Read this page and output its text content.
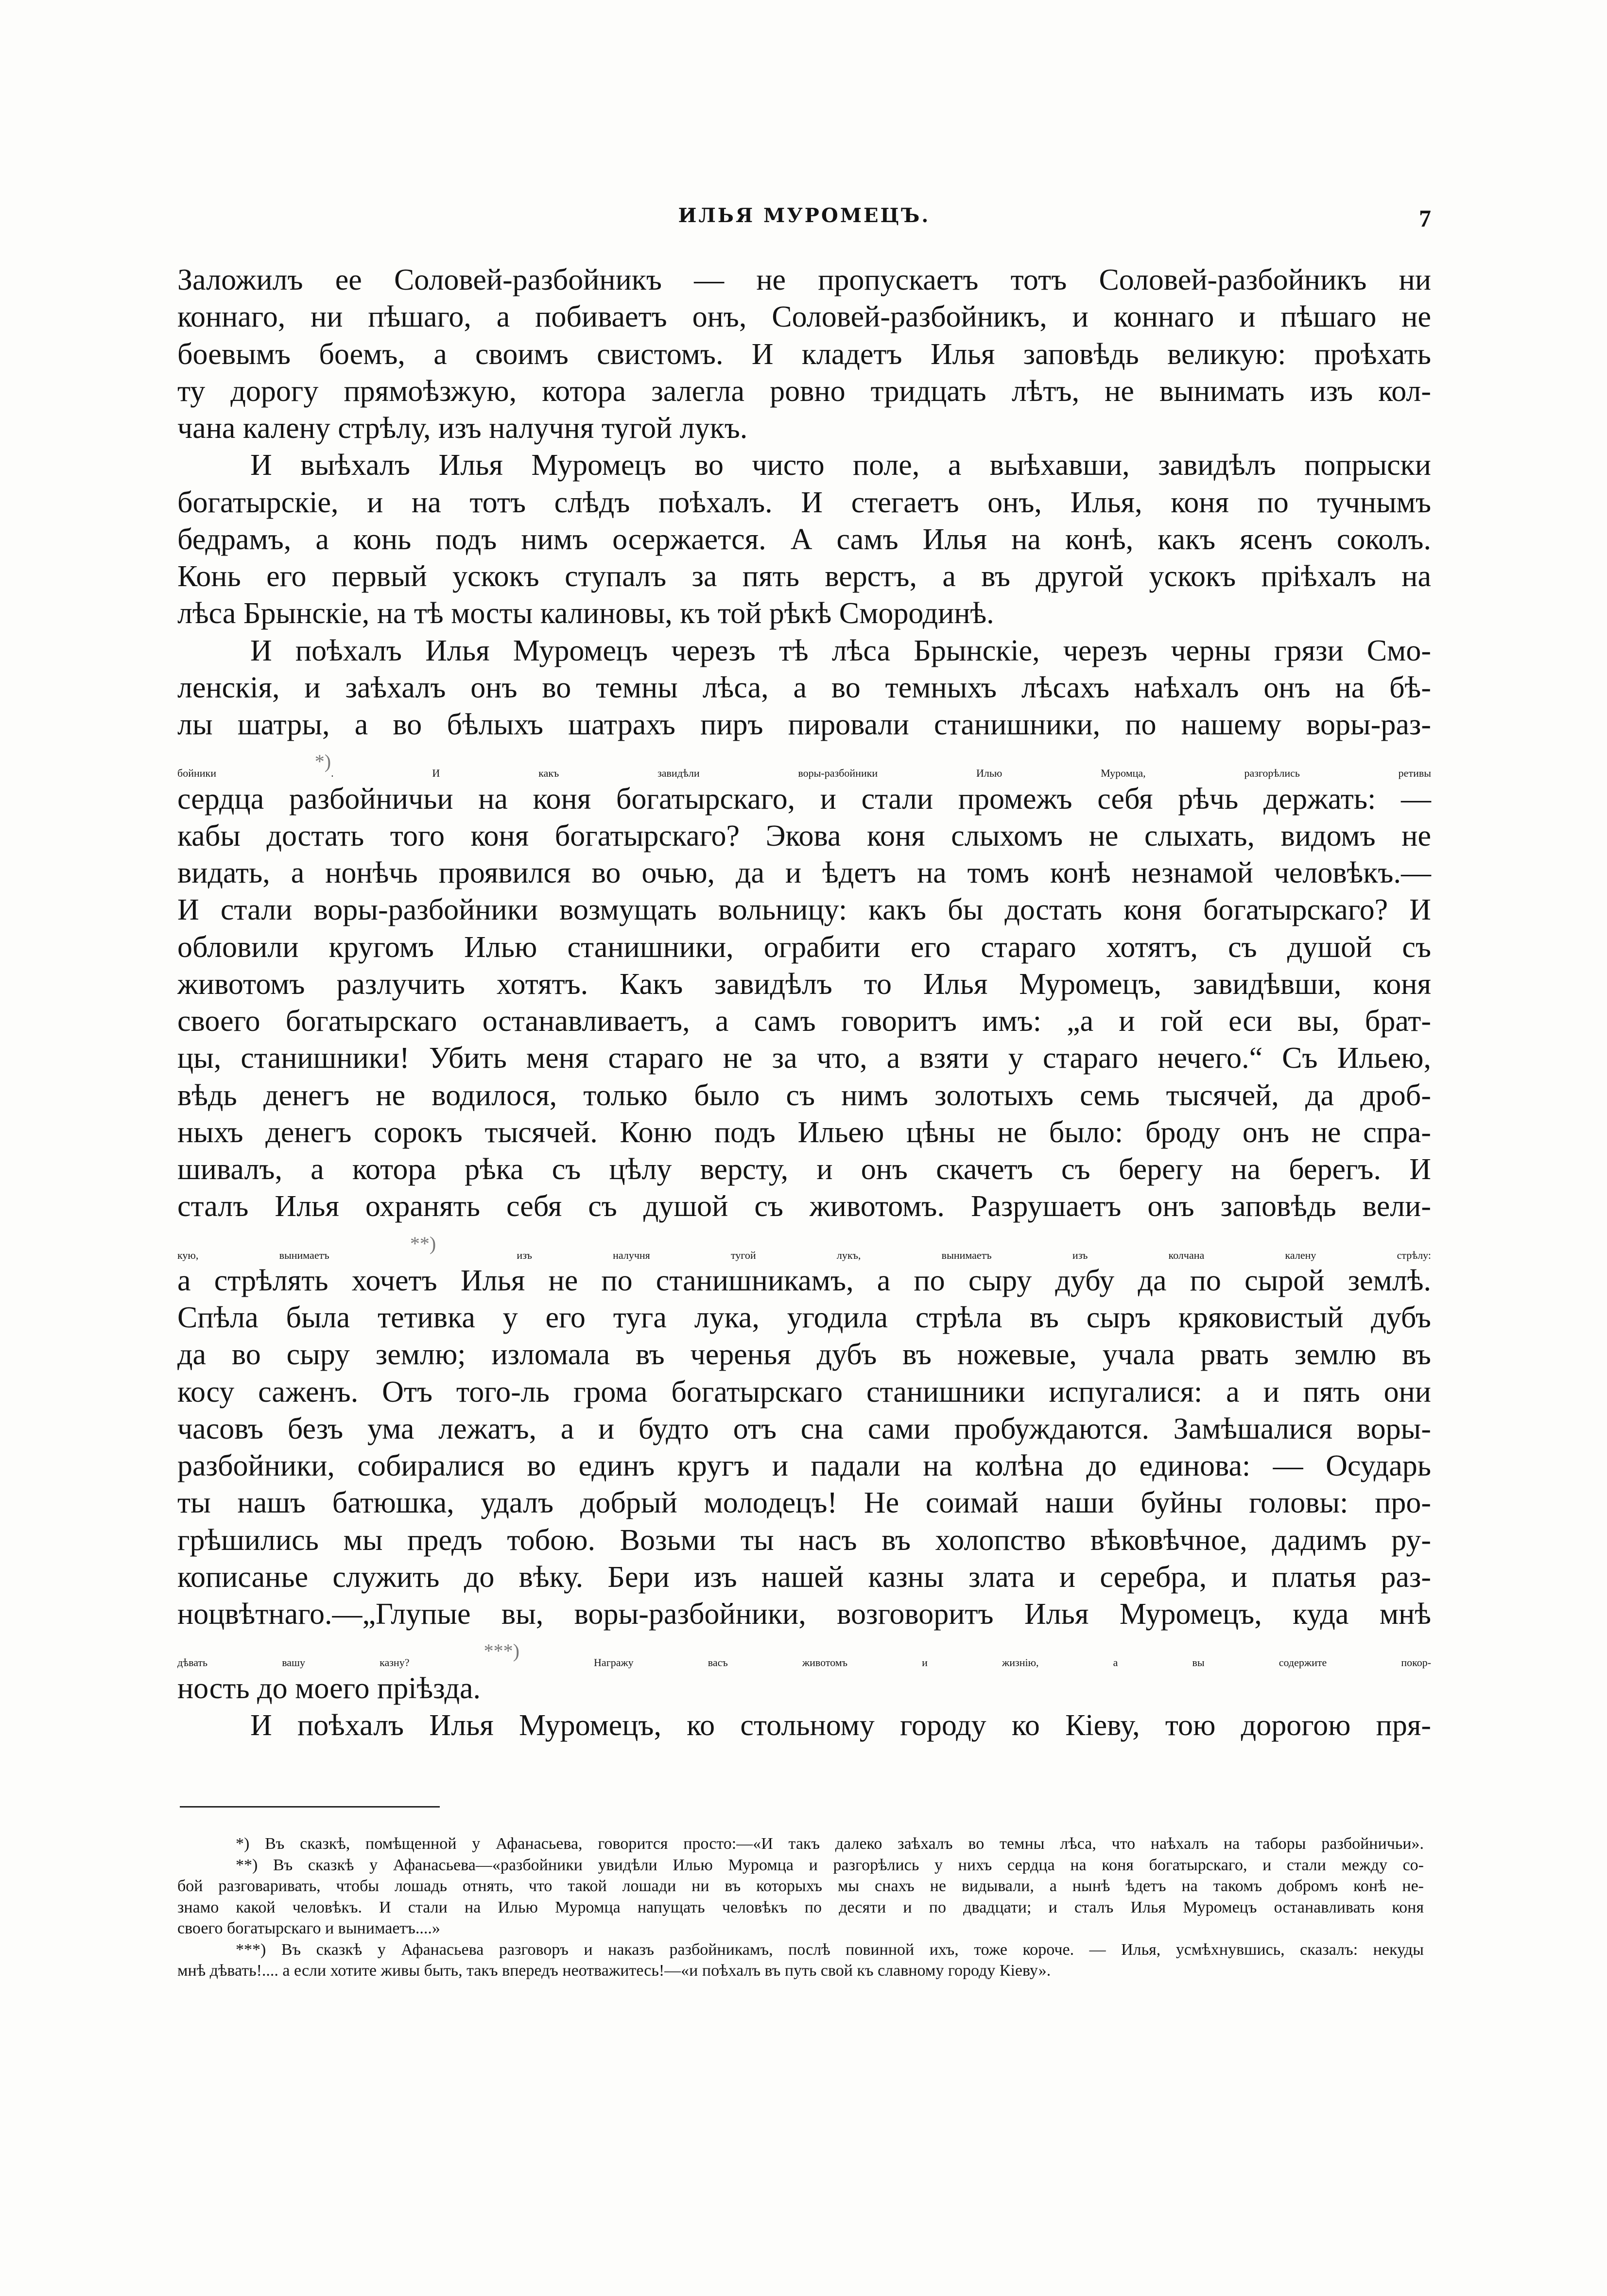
ИЛЬЯ МУРОМЕЦЪ.	7
Заложилъ ее Соловей-разбойникъ — не пропускаетъ тотъ Соловей-разбойникъ ни
коннаго, ни пѣшаго, а побиваетъ онъ, Соловей-разбойникъ, и коннаго и пѣшаго не
боевымъ боемъ, а своимъ свистомъ. И кладетъ Илья заповѣдь великую: проѣхать
ту дорогу прямоѣзжую, котора залегла ровно тридцать лѣтъ, не вынимать изъ кол-
чана калену стрѣлу, изъ налучня тугой лукъ.
И выѣхалъ Илья Муромецъ во чисто поле, а выѣхавши, завидѣлъ попрыски
богатырскіе, и на тотъ слѣдъ поѣхалъ. И стегаетъ онъ, Илья, коня по тучнымъ
бедрамъ, а конь подъ нимъ осержается. А самъ Илья на конѣ, какъ ясенъ соколъ.
Конь его первый ускокъ ступалъ за пять верстъ, а въ другой ускокъ пріѣхалъ на
лѣса Брынскіе, на тѣ мосты калиновы, къ той рѣкѣ Смородинѣ.
И поѣхалъ Илья Муромецъ черезъ тѣ лѣса Брынскіе, черезъ черны грязи Смо-
ленскія, и заѣхалъ онъ во темны лѣса, а во темныхъ лѣсахъ наѣхалъ онъ на бѣ-
лы шатры, а во бѣлыхъ шатрахъ пиръ пировали станишники, по нашему воры-раз-
бойники *). И какъ завидѣли воры-разбойники Илью Муромца, разгорѣлись ретивы
сердца разбойничьи на коня богатырскаго, и стали промежъ себя рѣчь держать: —
кабы достать того коня богатырскаго? Экова коня слыхомъ не слыхать, видомъ не
видать, а нонѣчь проявился во очью, да и ѣдетъ на томъ конѣ незнамой человѣкъ.—
И стали воры-разбойники возмущать вольницу: какъ бы достать коня богатырскаго? И
обловили кругомъ Илью станишники, ограбити его стараго хотятъ, съ душой съ
животомъ разлучить хотятъ. Какъ завидѣлъ то Илья Муромецъ, завидѣвши, коня
своего богатырскаго останавливаетъ, а самъ говоритъ имъ: „а и гой еси вы, брат-
цы, станишники! Убить меня стараго не за что, а взяти у стараго нечего.“ Съ Ильею,
вѣдь денегъ не водилося, только было съ нимъ золотыхъ семь тысячей, да дроб-
ныхъ денегъ сорокъ тысячей. Коню подъ Ильею цѣны не было: броду онъ не спра-
шивалъ, а котора рѣка съ цѣлу версту, и онъ скачетъ съ берегу на берегъ. И
сталъ Илья охранять себя съ душой съ животомъ. Разрушаетъ онъ заповѣдь вели-
кую, вынимаетъ **) изъ налучня тугой лукъ, вынимаетъ изъ колчана калену стрѣлу:
а стрѣлять хочетъ Илья не по станишникамъ, а по сыру дубу да по сырой землѣ.
Спѣла была тетивка у его туга лука, угодила стрѣла въ сыръ кряковистый дубъ
да во сыру землю; изломала въ черенья дубъ въ ножевые, учала рвать землю въ
косу саженъ. Отъ того-ль грома богатырскаго станишники испугалися: а и пять они
часовъ безъ ума лежатъ, а и будто отъ сна сами пробуждаются. Замѣшалися воры-
разбойники, собиралися во единъ кругъ и падали на колѣна до единова: — Осударь
ты нашъ батюшка, удалъ добрый молодецъ! Не соимай наши буйны головы: про-
грѣшились мы предъ тобою. Возьми ты насъ въ холопство вѣковѣчное, дадимъ ру-
кописанье служить до вѣку. Бери изъ нашей казны злата и серебра, и платья раз-
ноцвѣтнаго.—„Глупые вы, воры-разбойники, возговоритъ Илья Муромецъ, куда мнѣ
дѣвать вашу казну? ***) Награжу васъ животомъ и жизнію, а вы содержите покор-
ность до моего пріѣзда.
И поѣхалъ Илья Муромецъ, ко стольному городу ко Кіеву, тою дорогою пря-
*) Въ сказкѣ, помѣщенной у Афанасьева, говорится просто:—«И такъ далеко заѣхалъ во темны лѣса, что наѣхалъ на таборы разбойничьи».
**) Въ сказкѣ у Афанасьева—«разбойники увидѣли Илью Муромца и разгорѣлись у нихъ сердца на коня богатырскаго, и стали между со-
бой разговаривать, чтобы лошадь отнять, что такой лошади ни въ которыхъ мы снахъ не видывали, а нынѣ ѣдетъ на такомъ добромъ конѣ не-
знамо какой человѣкъ. И стали на Илью Муромца напущать человѣкъ по десяти и по двадцати; и сталъ Илья Муромецъ останавливать коня
своего богатырскаго и вынимаетъ....»
***) Въ сказкѣ у Афанасьева разговоръ и наказъ разбойникамъ, послѣ повинной ихъ, тоже короче. — Илья, усмѣхнувшись, сказалъ: некуды
мнѣ дѣвать!.... а если хотите живы быть, такъ впередъ неотважитесь!—«и поѣхалъ въ путь свой къ славному городу Кіеву».
